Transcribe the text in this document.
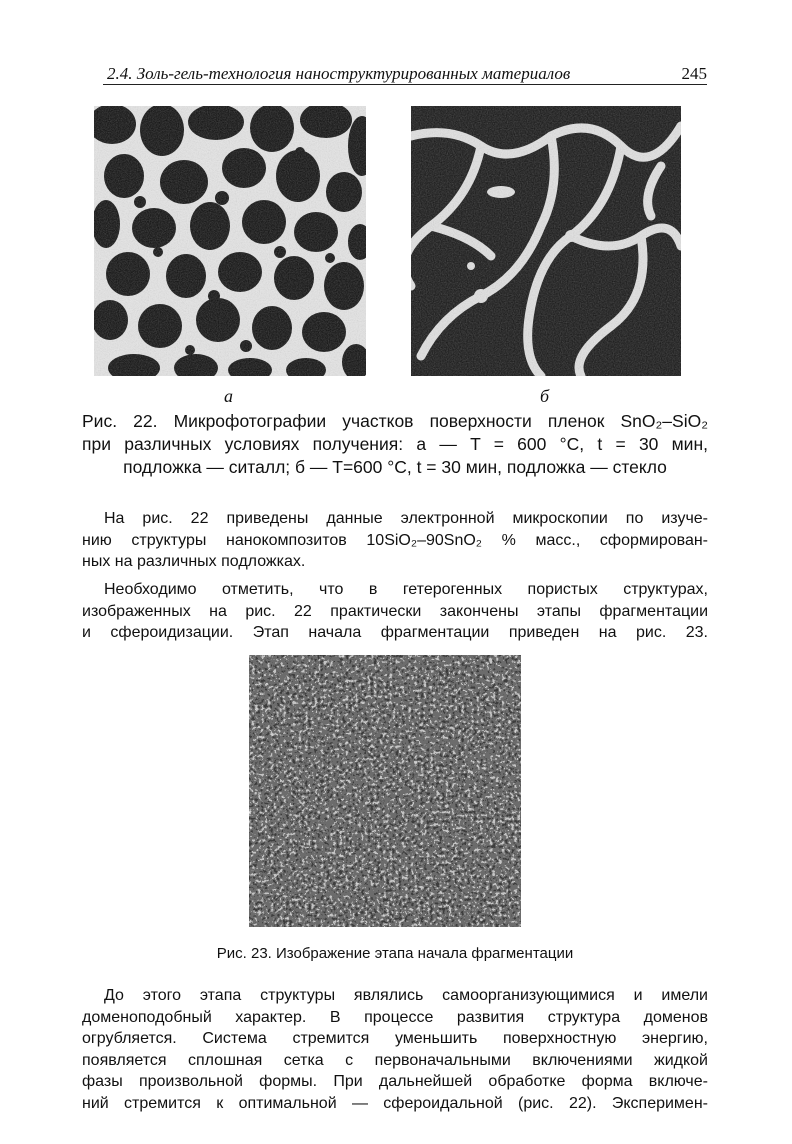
2.4. Золь-гель-технология наноструктурированных материалов	245
а	б
Рис. 22. Микрофотографии участков поверхности пленок SnO₂–SiO₂
при различных условиях получения: а — T = 600 °С, t = 30 мин,
подложка — ситалл; б — T=600 °С, t = 30 мин, подложка — стекло
На рис. 22 приведены данные электронной микроскопии по изуче-
нию структуры нанокомпозитов 10SiO₂–90SnO₂ % масс., сформирован-
ных на различных подложках.
Необходимо отметить, что в гетерогенных пористых структурах,
изображенных на рис. 22 практически закончены этапы фрагментации
и сфероидизации. Этап начала фрагментации приведен на рис. 23.
Рис. 23. Изображение этапа начала фрагментации
До этого этапа структуры являлись самоорганизующимися и имели
доменоподобный характер. В процессе развития структура доменов
огрубляется. Система стремится уменьшить поверхностную энергию,
появляется сплошная сетка с первоначальными включениями жидкой
фазы произвольной формы. При дальнейшей обработке форма включе-
ний стремится к оптимальной — сфероидальной (рис. 22). Эксперимен-
